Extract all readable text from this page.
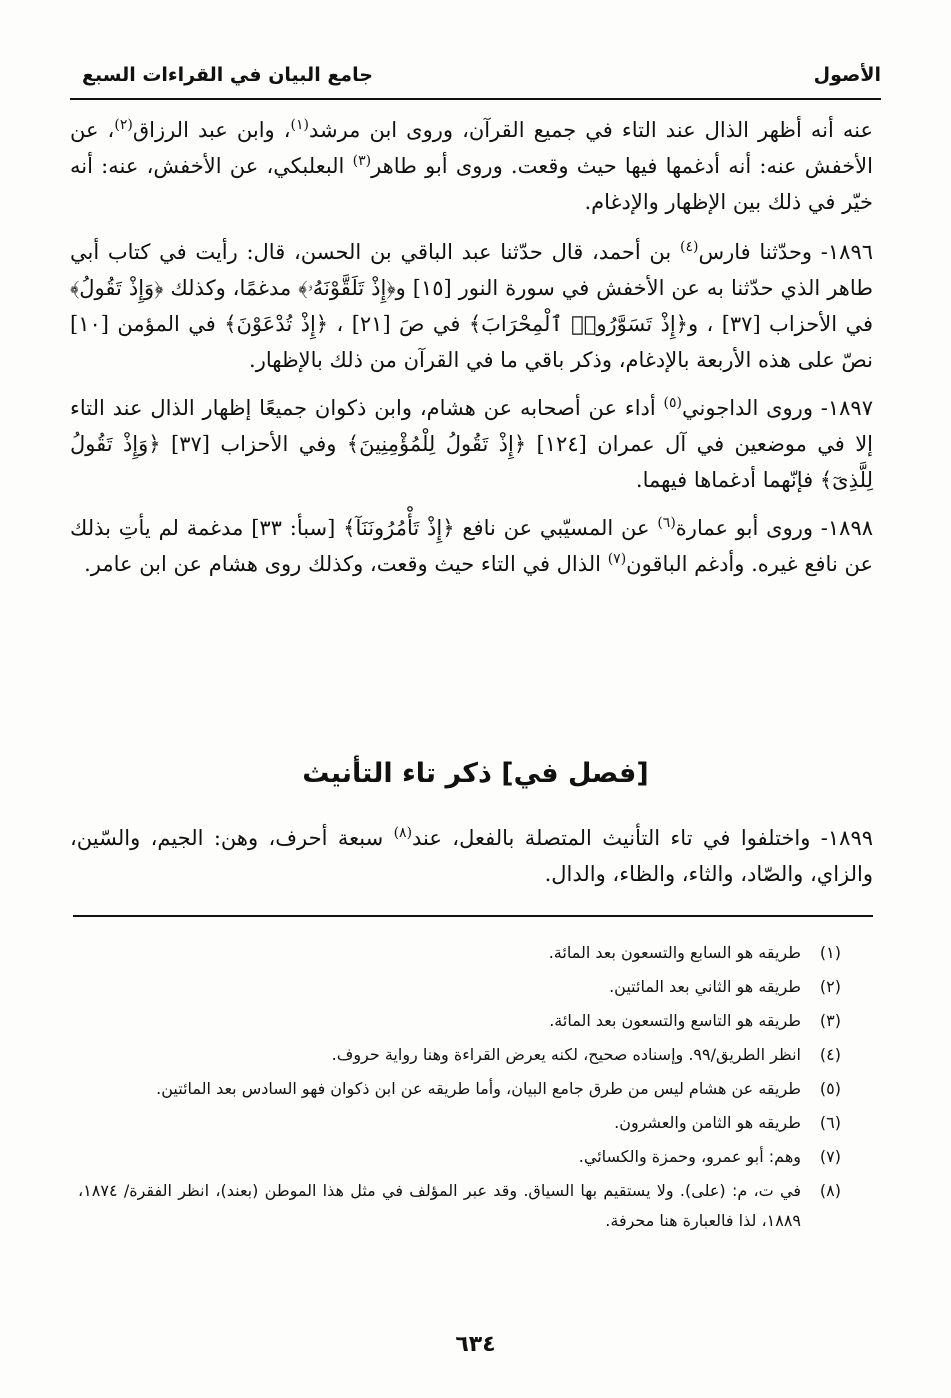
الأصول
جامع البيان في القراءات السبع

عنه أنه أظهر الذال عند التاء في جميع القرآن، وروى ابن مرشد$^{(١)}$، وابن عبد الرزاق$^{(٢)}$، عن الأخفش عنه: أنه أدغمها فيها حيث وقعت. وروى أبو طاهر$^{(٣)}$ البعلبكي، عن الأخفش، عنه: أنه خيّر في ذلك بين الإظهار والإدغام.

١٨٩٦- وحدّثنا فارس$^{(٤)}$ بن أحمد، قال حدّثنا عبد الباقي بن الحسن، قال: رأيت في كتاب أبي طاهر الذي حدّثنا به عن الأخفش في سورة النور [١٥] و﴿إِذْ تَلَقَّوْنَهُۥ﴾ مدغمًا، وكذلك ﴿وَإِذْ تَقُولُ﴾ في الأحزاب [٣٧] ، و﴿إِذْ تَسَوَّرُوا۟ ٱلْمِحْرَابَ﴾ في صَ [٢١] ، ﴿إِذْ تُدْعَوْنَ﴾ في المؤمن [١٠] نصّ على هذه الأربعة بالإدغام، وذكر باقي ما في القرآن من ذلك بالإظهار.

١٨٩٧- وروى الداجوني$^{(٥)}$ أداء عن أصحابه عن هشام، وابن ذكوان جميعًا إظهار الذال عند التاء إلا في موضعين في آل عمران [١٢٤] ﴿إِذْ تَقُولُ لِلْمُؤْمِنِينَ﴾ وفي الأحزاب [٣٧] ﴿وَإِذْ تَقُولُ لِلَّذِىٓ﴾ فإنّهما أدغماها فيهما.

١٨٩٨- وروى أبو عمارة$^{(٦)}$ عن المسيّبي عن نافع ﴿إِذْ تَأْمُرُونَنَآ﴾ [سبأ: ٣٣] مدغمة لم يأتِ بذلك عن نافع غيره. وأدغم الباقون$^{(٧)}$ الذال في التاء حيث وقعت، وكذلك روى هشام عن ابن عامر.

[فصل في] ذكر تاء التأنيث

١٨٩٩- واختلفوا في تاء التأنيث المتصلة بالفعل، عند$^{(٨)}$ سبعة أحرف، وهن: الجيم، والسّين، والزاي، والصّاد، والثاء، والظاء، والدال.

(١)
طريقه هو السابع والتسعون بعد المائة.
(٢)
طريقه هو الثاني بعد المائتين.
(٣)
طريقه هو التاسع والتسعون بعد المائة.
(٤)
انظر الطريق/٩٩. وإسناده صحيح، لكنه يعرض القراءة وهنا رواية حروف.
(٥)
طريقه عن هشام ليس من طرق جامع البيان، وأما طريقه عن ابن ذكوان فهو السادس بعد المائتين.
(٦)
طريقه هو الثامن والعشرون.
(٧)
وهم: أبو عمرو، وحمزة والكسائي.
(٨)
في ت، م: (على). ولا يستقيم بها السياق. وقد عبر المؤلف في مثل هذا الموطن (بعند)، انظر الفقرة/ ١٨٧٤، ١٨٨٩، لذا فالعبارة هنا محرفة.
٦٣٤
